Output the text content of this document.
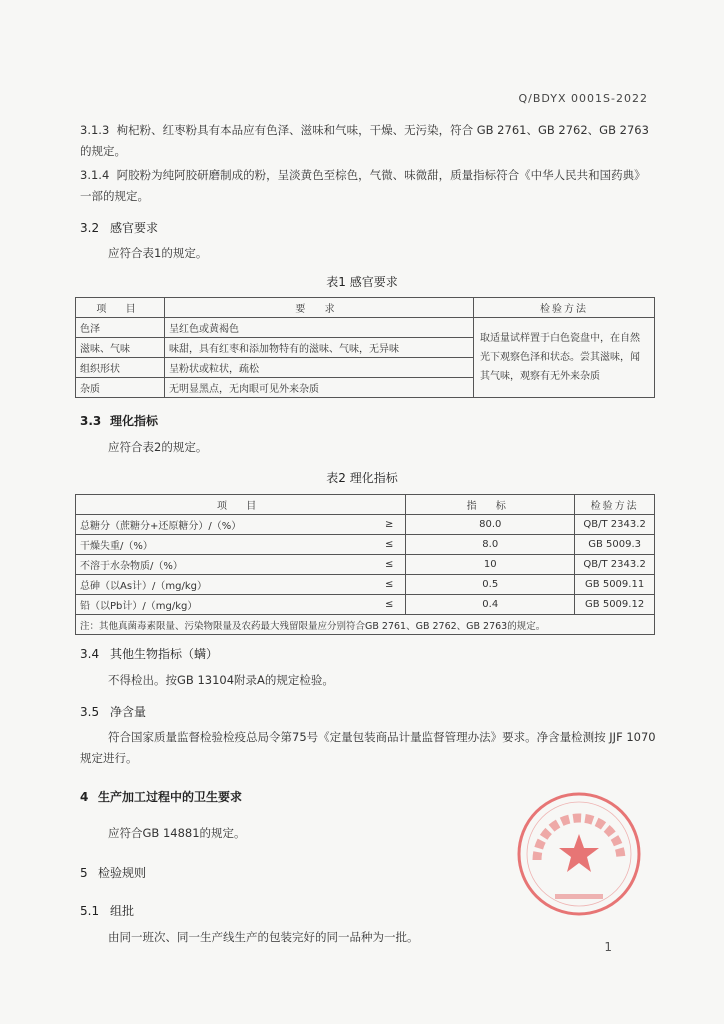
Q/BDYX 0001S-2022
3.1.3 枸杞粉、红枣粉具有本品应有色泽、滋味和气味，干燥、无污染，符合 GB 2761、GB 2762、GB 2763 的规定。
3.1.4 阿胶粉为纯阿胶研磨制成的粉，呈淡黄色至棕色，气微、味微甜，质量指标符合《中华人民共和国药典》一部的规定。
3.2 感官要求
应符合表1的规定。
表1 感官要求
项 目	要 求	检验方法
色泽	呈红色或黄褐色	取适量试样置于白色瓷盘中，在自然光下观察色泽和状态。尝其滋味，闻其气味，观察有无外来杂质
滋味、气味	味甜，具有红枣和添加物特有的滋味、气味，无异味	
组织形状	呈粉状或粒状，疏松	
杂质	无明显黑点，无肉眼可见外来杂质	
3.3 理化指标
应符合表2的规定。
表2 理化指标
项 目		指 标	检验方法
总糖分（蔗糖分+还原糖分）/（%）	≥	80.0	QB/T 2343.2
干燥失重/（%）	≤	8.0	GB 5009.3
不溶于水杂物质/（%）	≤	10	QB/T 2343.2
总砷（以As计）/（mg/kg）	≤	0.5	GB 5009.11
铅（以Pb计）/（mg/kg）	≤	0.4	GB 5009.12
注：其他真菌毒素限量、污染物限量及农药最大残留限量应分别符合GB 2761、GB 2762、GB 2763的规定。			
3.4 其他生物指标（螨）
不得检出。按GB 13104附录A的规定检验。
3.5 净含量
符合国家质量监督检验检疫总局令第75号《定量包装商品计量监督管理办法》要求。净含量检测按 JJF 1070规定进行。
4 生产加工过程中的卫生要求
应符合GB 14881的规定。
5 检验规则
5.1 组批
由同一班次、同一生产线生产的包装完好的同一品种为一批。
1
